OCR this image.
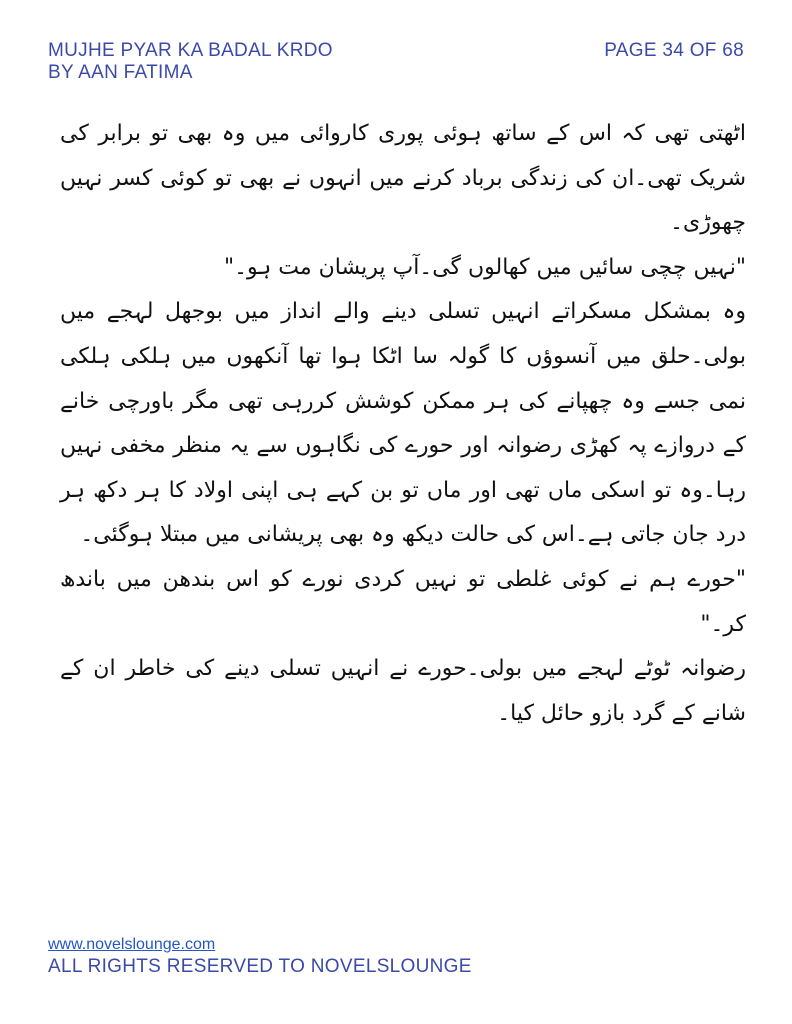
MUJHE PYAR KA BADAL KRDO
BY AAN FATIMA
PAGE 34 OF 68

اٹھتی تھی کہ اس کے ساتھ ہوئی پوری کاروائی میں وہ بھی تو برابر کی شریک تھی۔ان کی زندگی برباد کرنے میں انہوں نے بھی تو کوئی کسر نہیں چھوڑی۔

"نہیں چچی سائیں میں کھالوں گی۔آپ پریشان مت ہو۔"

وہ بمشکل مسکراتے انہیں تسلی دینے والے انداز میں بوجھل لہجے میں بولی۔حلق میں آنسوؤں کا گولہ سا اٹکا ہوا تھا آنکھوں میں ہلکی ہلکی نمی جسے وہ چھپانے کی ہر ممکن کوشش کررہی تھی مگر باورچی خانے کے دروازے پہ کھڑی رضوانہ اور حورے کی نگاہوں سے یہ منظر مخفی نہیں رہا۔وہ تو اسکی ماں تھی اور ماں تو بن کہے ہی اپنی اولاد کا ہر دکھ ہر درد جان جاتی ہے۔اس کی حالت دیکھ وہ بھی پریشانی میں مبتلا ہوگئی۔

"حورے ہم نے کوئی غلطی تو نہیں کردی نورے کو اس بندھن میں باندھ کر۔"

رضوانہ ٹوٹے لہجے میں بولی۔حورے نے انہیں تسلی دینے کی خاطر ان کے شانے کے گرد بازو حائل کیا۔

www.novelslounge.com
ALL RIGHTS RESERVED TO NOVELSLOUNGE
